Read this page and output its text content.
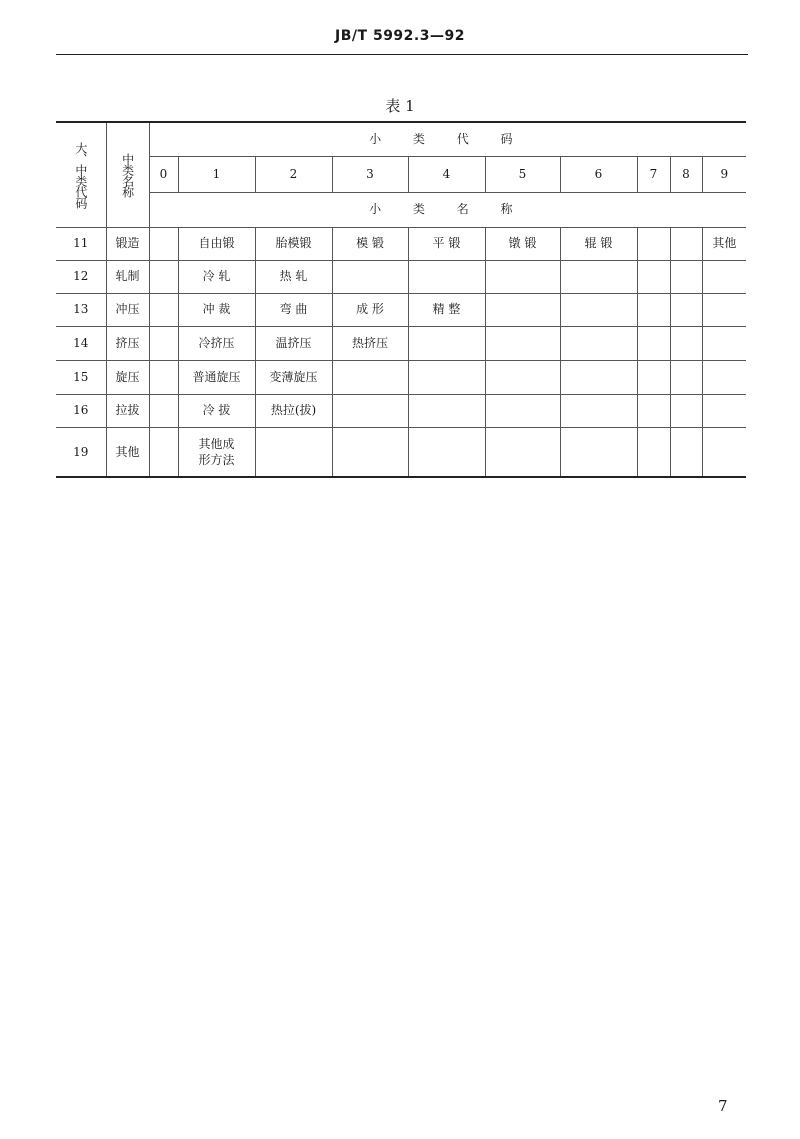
JB/T 5992.3—92
表 1
大、中类代码	中类名称	小 类 代 码									
		0	1	2	3	4	5	6	7	8	9
		小 类 名 称									
11	锻造		自由锻	胎模锻	模 锻	平 锻	镦 锻	辊 锻			其他
12	轧制		冷 轧	热 轧							
13	冲压		冲 裁	弯 曲	成 形	精 整					
14	挤压		冷挤压	温挤压	热挤压						
15	旋压		普通旋压	变薄旋压							
16	拉拔		冷 拔	热拉(拔)							
19	其他		其他成形方法								
7
